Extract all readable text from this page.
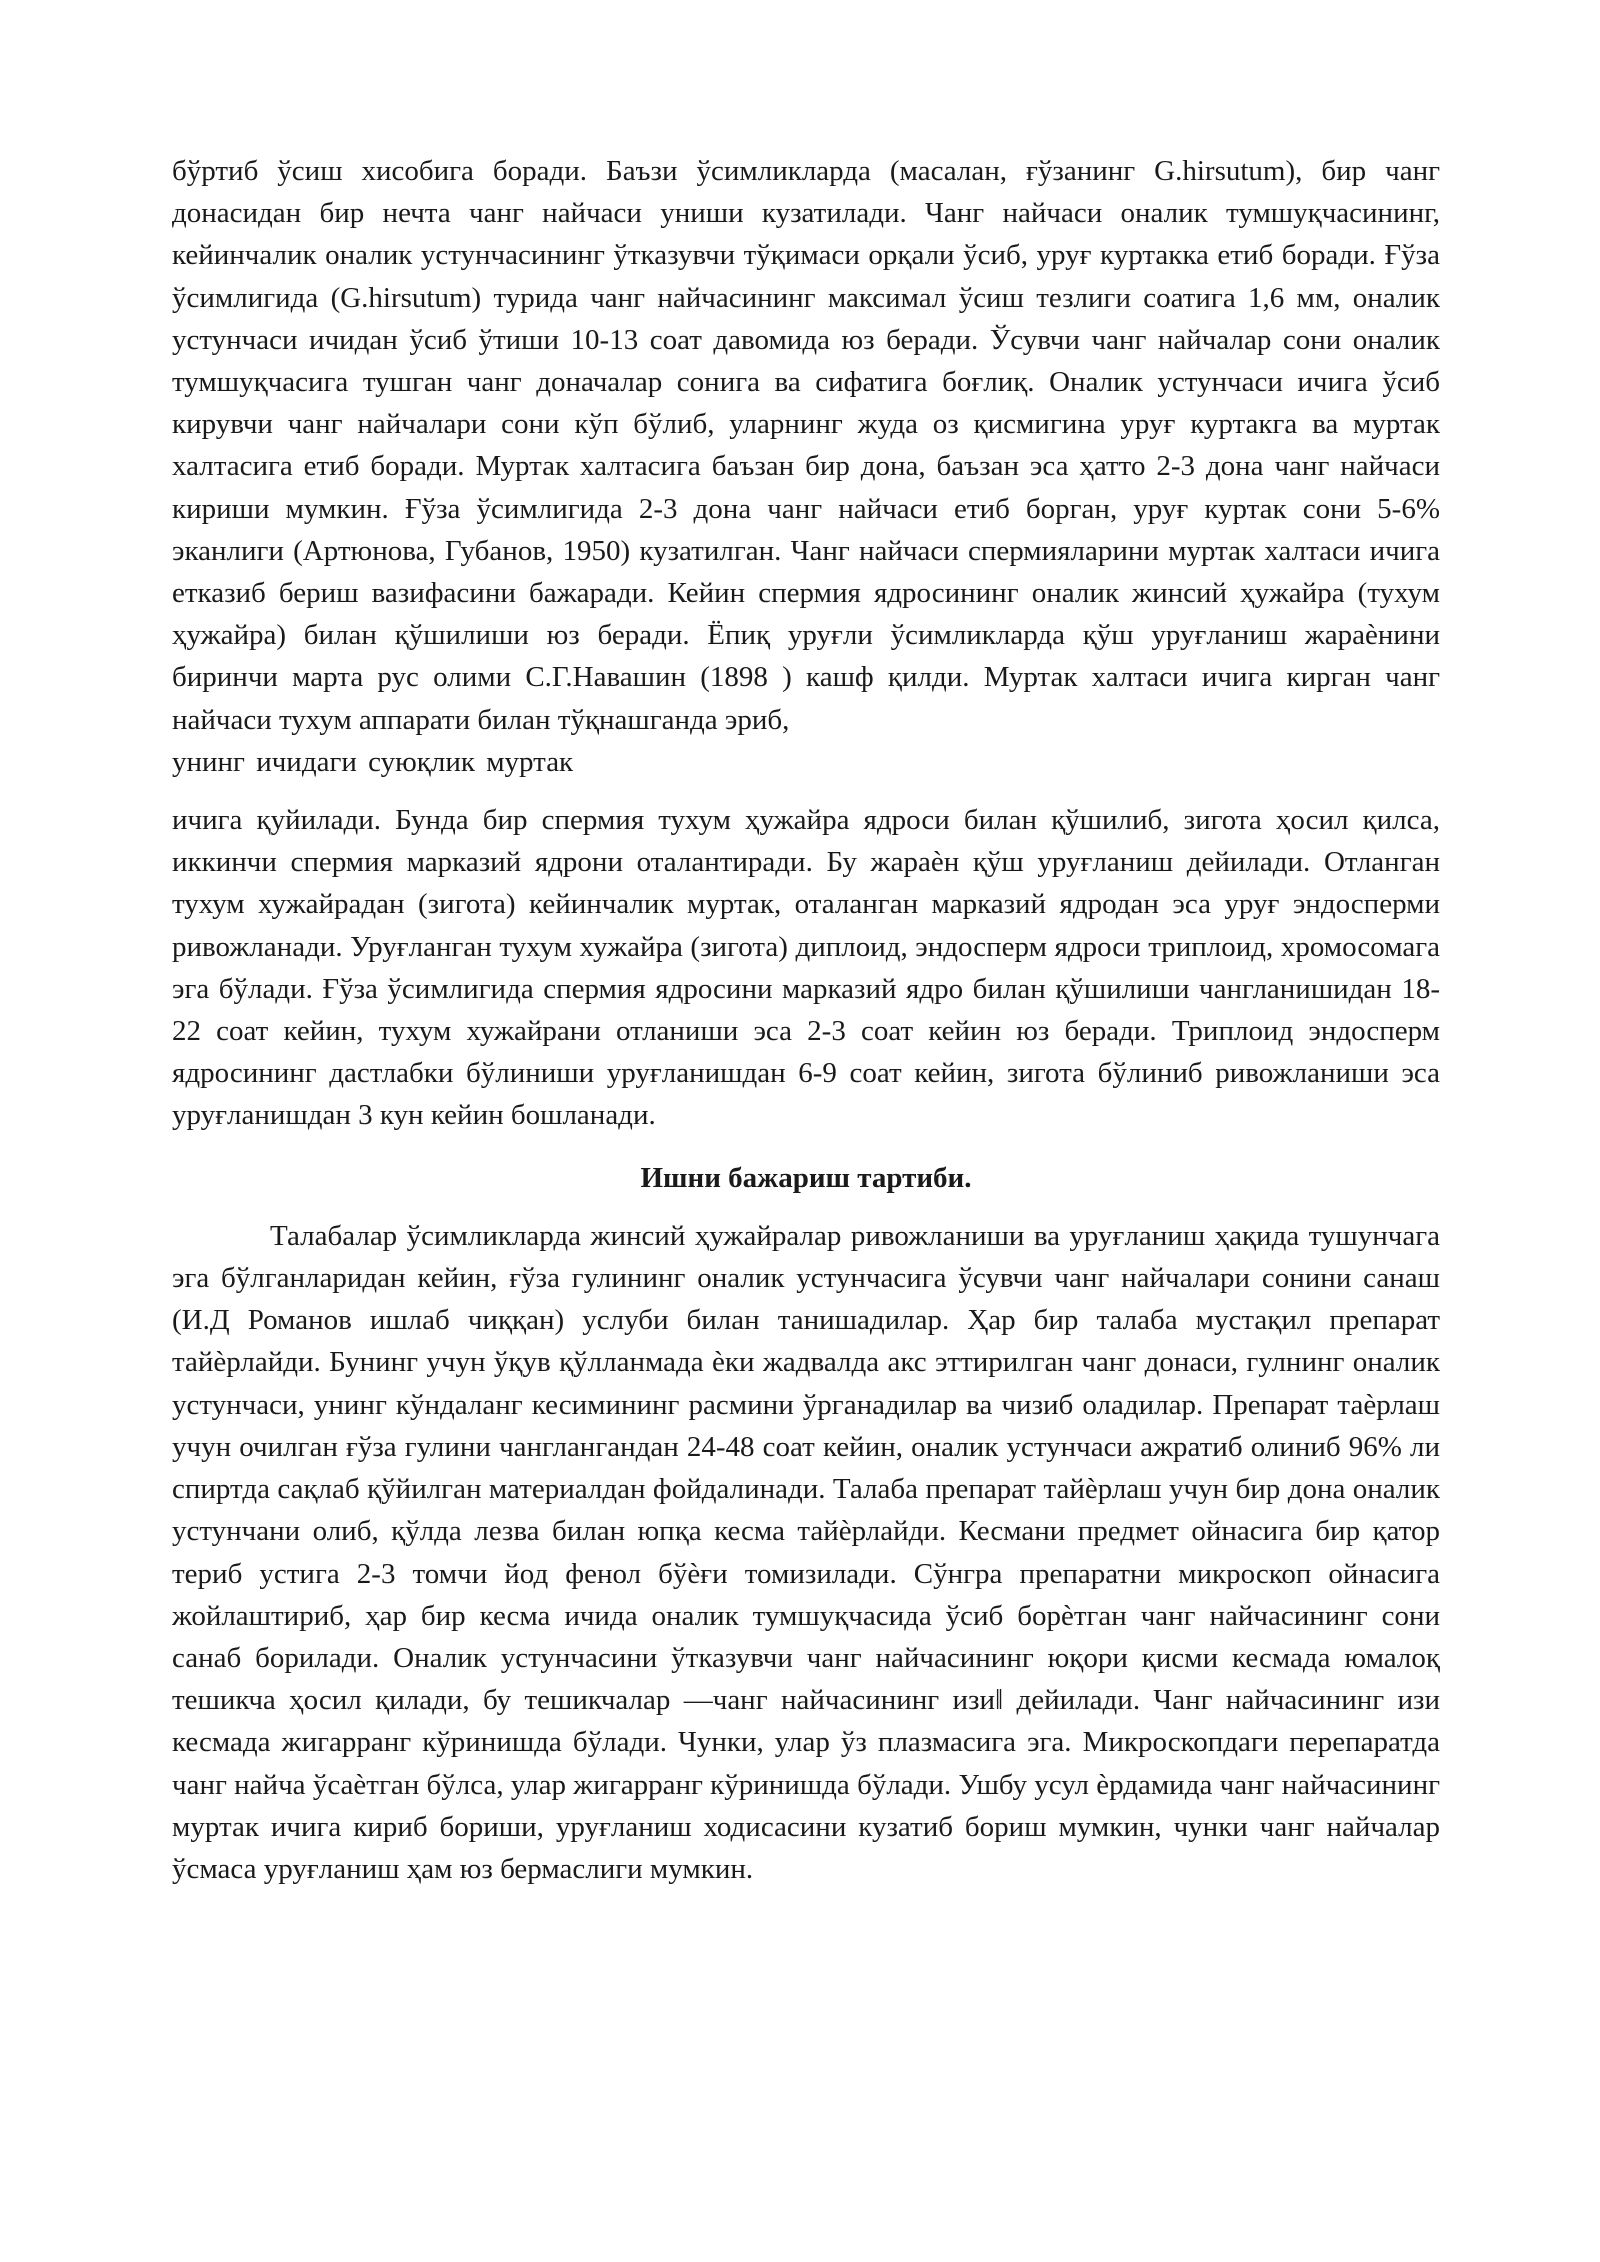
бўртиб ўсиш хисобига боради. Баъзи ўсимликларда (масалан, ғўзанинг G.hirsutum), бир чанг донасидан бир нечта чанг найчаси униши кузатилади. Чанг найчаси оналик тумшуқчасининг, кейинчалик оналик устунчасининг ўтказувчи тўқимаси орқали ўсиб, уруғ куртакка етиб боради. Ғўза ўсимлигида (G.hirsutum) турида чанг найчасининг максимал ўсиш тезлиги соатига 1,6 мм, оналик устунчаси ичидан ўсиб ўтиши 10-13 соат давомида юз беради. Ўсувчи чанг найчалар сони оналик тумшуқчасига тушган чанг доначалар сонига ва сифатига боғлиқ. Оналик устунчаси ичига ўсиб кирувчи чанг найчалари сони кўп бўлиб, уларнинг жуда оз қисмигина уруғ куртакга ва муртак халтасига етиб боради. Муртак халтасига баъзан бир дона, баъзан эса ҳатто 2-3 дона чанг найчаси кириши мумкин. Ғўза ўсимлигида 2-3 дона чанг найчаси етиб борган, уруғ куртак сони 5-6% эканлиги (Артюнова, Губанов, 1950) кузатилган. Чанг найчаси спермияларини муртак халтаси ичига етказиб бериш вазифасини бажаради. Кейин спермия ядросининг оналик жинсий ҳужайра (тухум ҳужайра) билан қўшилиши юз беради. Ёпиқ уруғли ўсимликларда қўш уруғланиш жараѐнини биринчи марта рус олими С.Г.Навашин (1898 ) кашф қилди. Муртак халтаси ичига кирган чанг найчаси тухум аппарати билан тўқнашганда эриб,

унинг ичидаги суюқлик муртак

ичига қуйилади. Бунда бир спермия тухум ҳужайра ядроси билан қўшилиб, зигота ҳосил қилса, иккинчи спермия марказий ядрони оталантиради. Бу жараѐн қўш уруғланиш дейилади. Отланган тухум хужайрадан (зигота) кейинчалик муртак, оталанган марказий ядродан эса уруғ эндосперми ривожланади. Уруғланган тухум хужайра (зигота) диплоид, эндосперм ядроси триплоид, хромосомага эга бўлади. Ғўза ўсимлигида спермия ядросини марказий ядро билан қўшилиши чангланишидан 18-22 соат кейин, тухум хужайрани отланиши эса 2-3 соат кейин юз беради. Триплоид эндосперм ядросининг дастлабки бўлиниши уруғланишдан 6-9 соат кейин, зигота бўлиниб ривожланиши эса уруғланишдан 3 кун кейин бошланади.

Ишни бажариш тартиби.

Талабалар ўсимликларда жинсий ҳужайралар ривожланиши ва уруғланиш ҳақида тушунчага эга бўлганларидан кейин, ғўза гулининг оналик устунчасига ўсувчи чанг найчалари сонини санаш (И.Д Романов ишлаб чиққан) услуби билан танишадилар. Ҳар бир талаба мустақил препарат тайѐрлайди. Бунинг учун ўқув қўлланмада ѐки жадвалда акс эттирилган чанг донаси, гулнинг оналик устунчаси, унинг кўндаланг кесимининг расмини ўрганадилар ва чизиб оладилар. Препарат таѐрлаш учун очилган ғўза гулини чанглангандан 24-48 соат кейин, оналик устунчаси ажратиб олиниб 96% ли спиртда сақлаб қўйилган материалдан фойдалинади. Талаба препарат тайѐрлаш учун бир дона оналик устунчани олиб, қўлда лезва билан юпқа кесма тайѐрлайди. Кесмани предмет ойнасига бир қатор териб устига 2-3 томчи йод фенол бўѐғи томизилади. Сўнгра препаратни микроскоп ойнасига жойлаштириб, ҳар бир кесма ичида оналик тумшуқчасида ўсиб борѐтган чанг найчасининг сони санаб борилади. Оналик устунчасини ўтказувчи чанг найчасининг юқори қисми кесмада юмалоқ тешикча ҳосил қилади, бу тешикчалар ―чанг найчасининг изи‖ дейилади. Чанг найчасининг изи кесмада жигарранг кўринишда бўлади. Чунки, улар ўз плазмасига эга. Микроскопдаги перепаратда чанг найча ўсаѐтган бўлса, улар жигарранг кўринишда бўлади. Ушбу усул ѐрдамида чанг найчасининг муртак ичига кириб бориши, уруғланиш ходисасини кузатиб бориш мумкин, чунки чанг найчалар ўсмаса уруғланиш ҳам юз бермаслиги мумкин.
